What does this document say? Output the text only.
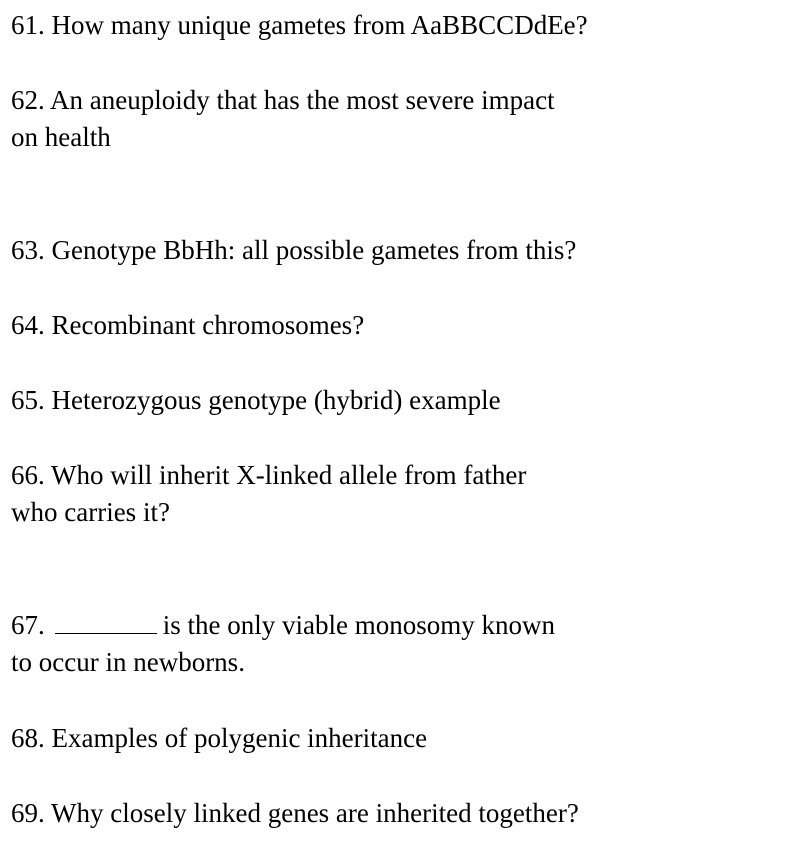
61. How many unique gametes from AaBBCCDdEe?
62. An aneuploidy that has the most severe impact
on health
63. Genotype BbHh: all possible gametes from this?
64. Recombinant chromosomes?
65. Heterozygous genotype (hybrid) example
66. Who will inherit X-linked allele from father
who carries it?
67.	is the only viable monosomy known
to occur in newborns.
68. Examples of polygenic inheritance
69. Why closely linked genes are inherited together?
